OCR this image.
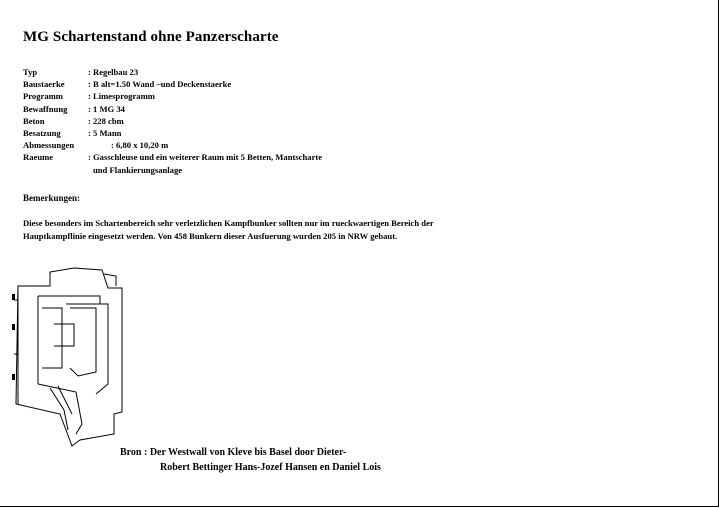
MG Schartenstand ohne Panzerscharte
Typ	: Regelbau 23
Baustaerke	: B alt=1.50 Wand –und Deckenstaerke
Programm	: Limesprogramm
Bewaffnung	: 1 MG 34
Beton	: 228 cbm
Besatzung	: 5 Mann
Abmessungen	: 6,80 x 10,20 m
Raeume	: Gasschleuse und ein weiterer Raum mit 5 Betten, Mantscharte
und Flankierungsanlage
Bemerkungen:
Diese besonders im Schartenbereich sehr verletzlichen Kampfbunker sollten nur im rueckwaertigen Bereich der Hauptkampflinie eingesetzt werden. Von 458 Bunkern dieser Ausfuerung wurden 205 in NRW gebaut.
Bron : Der Westwall von Kleve bis Basel door Dieter-
Robert Bettinger Hans-Jozef Hansen en Daniel Lois
